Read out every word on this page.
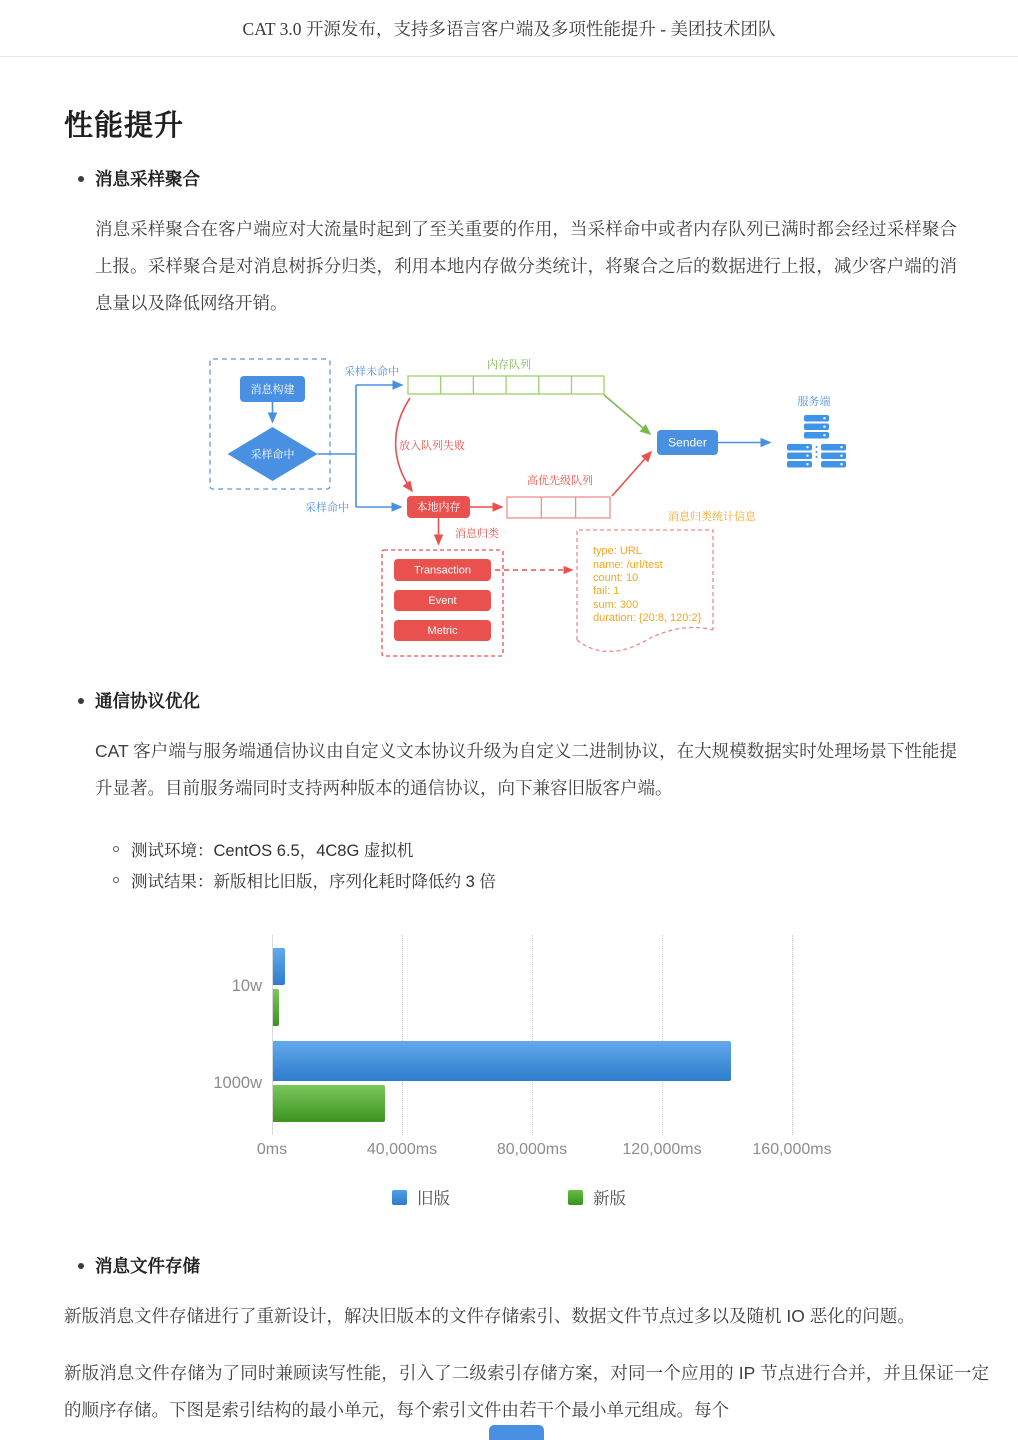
CAT 3.0 开源发布，支持多语言客户端及多项性能提升 - 美团技术团队
性能提升
消息采样聚合

消息采样聚合在客户端应对大流量时起到了至关重要的作用，当采样命中或者内存队列已满时都会经过采样聚合上报。采样聚合是对消息树拆分归类，利用本地内存做分类统计，将聚合之后的数据进行上报，减少客户端的消息量以及降低网络开销。

消息构建
采样命中
采样未命中
采样命中
内存队列
放入队列失败
本地内存
高优先级队列
Sender
服务端
消息归类
Transaction
Event
Metric
消息归类统计信息
type: URL
name: /url/test
count: 10
fail: 1
sum: 300
duration: {20:8, 120:2}
通信协议优化

CAT 客户端与服务端通信协议由自定义文本协议升级为自定义二进制协议，在大规模数据实时处理场景下性能提升显著。目前服务端同时支持两种版本的通信协议，向下兼容旧版客户端。

测试环境：CentOS 6.5，4C8G 虚拟机
测试结果：新版相比旧版，序列化耗时降低约 3 倍
10w
1000w
0ms	40,000ms	80,000ms	120,000ms	160,000ms
旧版	新版
消息文件存储

新版消息文件存储进行了重新设计，解决旧版本的文件存储索引、数据文件节点过多以及随机 IO 恶化的问题。

新版消息文件存储为了同时兼顾读写性能，引入了二级索引存储方案，对同一个应用的 IP 节点进行合并，并且保证一定的顺序存储。下图是索引结构的最小单元，每个索引文件由若干个最小单元组成。每个
